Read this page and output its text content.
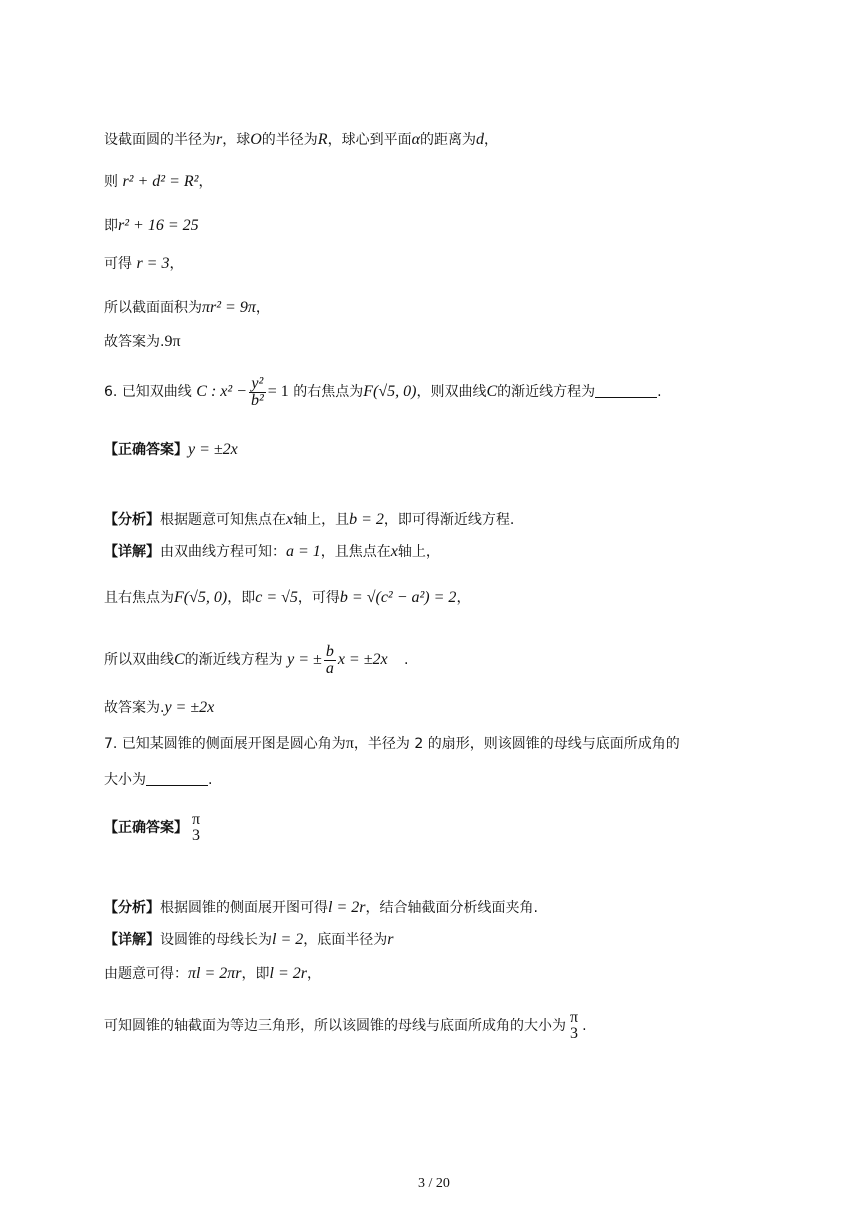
设截面圆的半径为r，球O的半径为R，球心到平面α的距离为d，
则 r² + d² = R²，
即r² + 16 = 25
可得 r = 3，
所以截面面积为πr² = 9π，
故答案为.9π
6. 已知双曲线 C : $x^2 - \frac{\text{y²}}{\text{b²}} = 1$ 的右焦点为F(√5, 0)，则双曲线C的渐近线方程为	.
【正确答案】y = ±2x
【分析】根据题意可知焦点在x轴上，且b = 2，即可得渐近线方程.
【详解】由双曲线方程可知：a = 1，且焦点在x轴上，
且右焦点为F(√5, 0)，即c = √5，可得b = √(c² − a²) = 2，
所以双曲线C的渐近线方程为 y = ± $\frac{b}{a}$ x = ±2x .
故答案为.y = ±2x
7. 已知某圆锥的侧面展开图是圆心角为π，半径为 2 的扇形，则该圆锥的母线与底面所成角的
大小为	.
【正确答案】 π
3
【分析】根据圆锥的侧面展开图可得l = 2r，结合轴截面分析线面夹角.
【详解】设圆锥的母线长为l = 2，底面半径为r
由题意可得：πl = 2πr，即l = 2r，
可知圆锥的轴截面为等边三角形，所以该圆锥的母线与底面所成角的大小为 π
3 .
3 / 20
